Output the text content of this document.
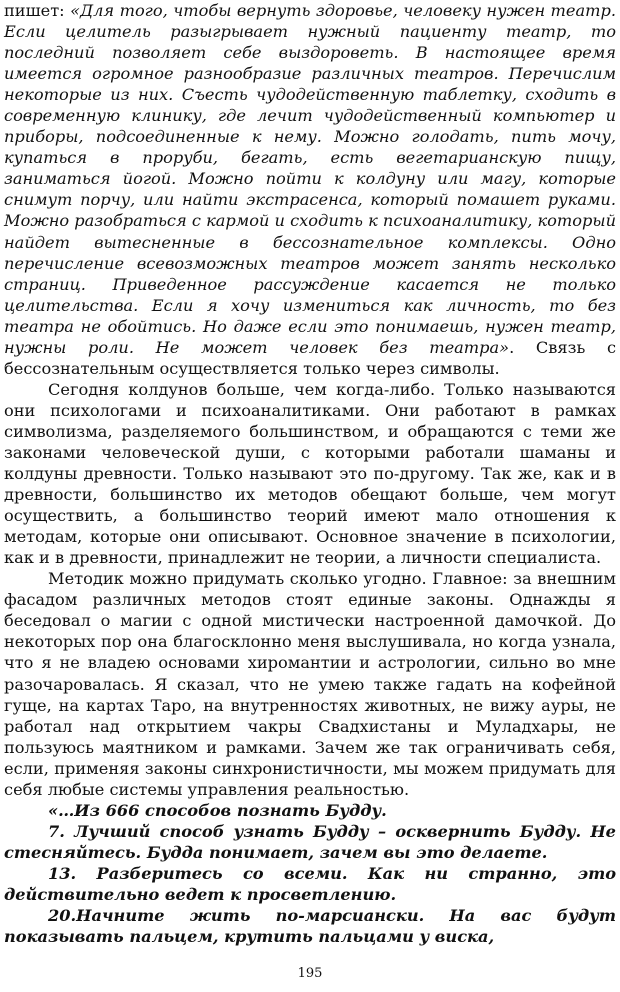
пишет: «Для того, чтобы вернуть здоровье, человеку нужен театр. Если целитель разыгрывает нужный пациенту театр, то последний позволяет себе выздороветь. В настоящее время имеется огромное разнообразие различных театров. Перечислим некоторые из них. Съесть чудодейственную таблетку, сходить в современную клинику, где лечит чудодейственный компьютер и приборы, подсоединенные к нему. Можно голодать, пить мочу, купаться в проруби, бегать, есть вегетарианскую пищу, заниматься йогой. Можно пойти к колдуну или магу, которые снимут порчу, или найти экстрасенса, который помашет руками. Можно разобраться с кармой и сходить к психоаналитику, который найдет вытесненные в бессознательное комплексы. Одно перечисление всевозможных театров может занять несколько страниц. Приведенное рассуждение касается не только целительства. Если я хочу измениться как личность, то без театра не обойтись. Но даже если это понимаешь, нужен театр, нужны роли. Не может человек без театра». Связь с бессознательным осуществляется только через символы.

Сегодня колдунов больше, чем когда-либо. Только называются они психологами и психоаналитиками. Они работают в рамках символизма, разделяемого большинством, и обращаются с теми же законами человеческой души, с которыми работали шаманы и колдуны древности. Только называют это по-другому. Так же, как и в древности, большинство их методов обещают больше, чем могут осуществить, а большинство теорий имеют мало отношения к методам, которые они описывают. Основное значение в психологии, как и в древности, принадлежит не теории, а личности специалиста.

Методик можно придумать сколько угодно. Главное: за внешним фасадом различных методов стоят единые законы. Однажды я беседовал о магии с одной мистически настроенной дамочкой. До некоторых пор она благосклонно меня выслушивала, но когда узнала, что я не владею основами хиромантии и астрологии, сильно во мне разочаровалась. Я сказал, что не умею также гадать на кофейной гуще, на картах Таро, на внутренностях животных, не вижу ауры, не работал над открытием чакры Свадхистаны и Муладхары, не пользуюсь маятником и рамками. Зачем же так ограничивать себя, если, применяя законы синхронистичности, мы можем придумать для себя любые системы управления реальностью.

«…Из 666 способов познать Будду.

7. Лучший способ узнать Будду – осквернить Будду. Не стесняйтесь. Будда понимает, зачем вы это делаете.

13. Разберитесь со всеми. Как ни странно, это действительно ведет к просветлению.

20.Начните жить по-марсиански. На вас будут показывать пальцем, крутить пальцами у виска,

195
